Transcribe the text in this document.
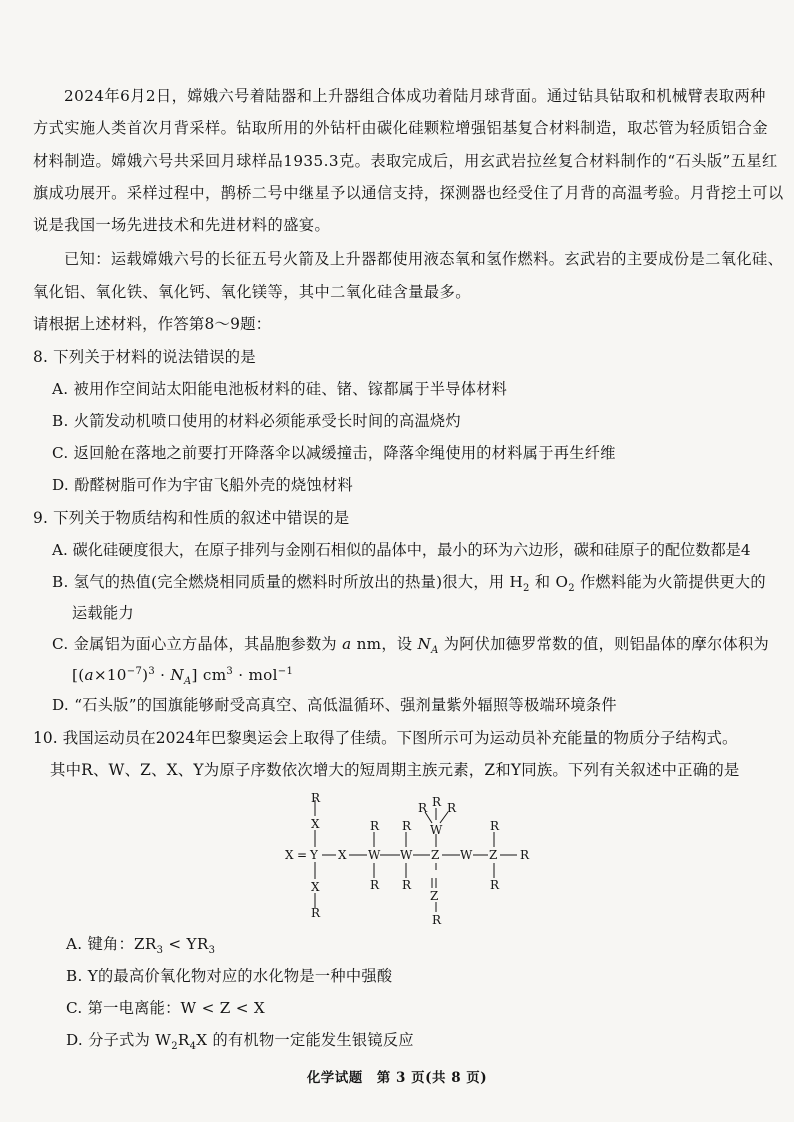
2024年6月2日，嫦娥六号着陆器和上升器组合体成功着陆月球背面。通过钻具钻取和机械臂表取两种
方式实施人类首次月背采样。钻取所用的外钻杆由碳化硅颗粒增强铝基复合材料制造，取芯管为轻质铝合金
材料制造。嫦娥六号共采回月球样品1935.3克。表取完成后，用玄武岩拉丝复合材料制作的“石头版”五星红
旗成功展开。采样过程中，鹊桥二号中继星予以通信支持，探测器也经受住了月背的高温考验。月背挖土可以
说是我国一场先进技术和先进材料的盛宴。
已知：运载嫦娥六号的长征五号火箭及上升器都使用液态氧和氢作燃料。玄武岩的主要成份是二氧化硅、
氧化铝、氧化铁、氧化钙、氧化镁等，其中二氧化硅含量最多。
请根据上述材料，作答第8～9题：
8. 下列关于材料的说法错误的是
A. 被用作空间站太阳能电池板材料的硅、锗、镓都属于半导体材料
B. 火箭发动机喷口使用的材料必须能承受长时间的高温烧灼
C. 返回舱在落地之前要打开降落伞以减缓撞击，降落伞绳使用的材料属于再生纤维
D. 酚醛树脂可作为宇宙飞船外壳的烧蚀材料
9. 下列关于物质结构和性质的叙述中错误的是
A. 碳化硅硬度很大，在原子排列与金刚石相似的晶体中，最小的环为六边形，碳和硅原子的配位数都是4
B. 氢气的热值(完全燃烧相同质量的燃料时所放出的热量)很大，用 $H_2$ 和 $O_2$ 作燃料能为火箭提供更大的
运载能力
C. 金属铝为面心立方晶体，其晶胞参数为 a nm，设 $N_A$ 为阿伏加德罗常数的值，则铝晶体的摩尔体积为
$[(a\times 10^{-7})^3 \cdot N_A] cm^3 \cdot mol^{-1}$
D. “石头版”的国旗能够耐受高真空、高低温循环、强剂量紫外辐照等极端环境条件
10. 我国运动员在2024年巴黎奥运会上取得了佳绩。下图所示可为运动员补充能量的物质分子结构式。
其中R、W、Z、X、Y为原子序数依次增大的短周期主族元素，Z和Y同族。下列有关叙述中正确的是
R
X
X = Y
X
R
X W W Z W Z R
R
R
R
R
R R R
W
Z
R
R
R
A. 键角：$ZR_3 < YR_3$
B. Y的最高价氧化物对应的水化物是一种中强酸
C. 第一电离能：W < Z < X
D. 分子式为 $W_2R_4X$ 的有机物一定能发生银镜反应
化学试题　第 3 页(共 8 页)
